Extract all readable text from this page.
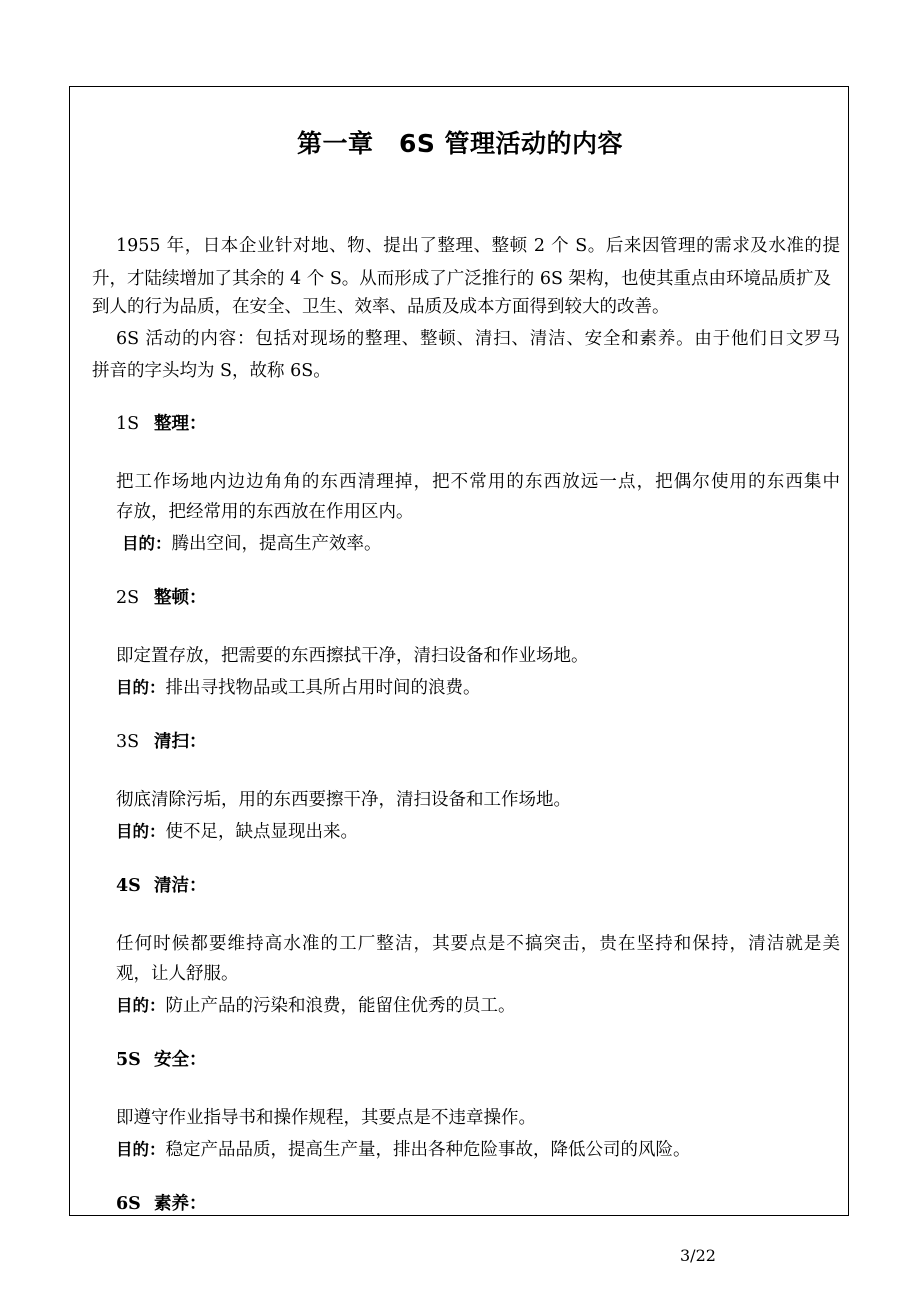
第一章　6S 管理活动的内容
1955 年，日本企业针对地、物、提出了整理、整顿 2 个 S。后来因管理的需求及水准的提
升，才陆续增加了其余的 4 个 S。从而形成了广泛推行的 6S 架构，也使其重点由环境品质扩及
到人的行为品质，在安全、卫生、效率、品质及成本方面得到较大的改善。
6S 活动的内容：包括对现场的整理、整顿、清扫、清洁、安全和素养。由于他们日文罗马
拼音的字头均为 S，故称 6S。
1S 整理：
把工作场地内边边角角的东西清理掉，把不常用的东西放远一点，把偶尔使用的东西集中
存放，把经常用的东西放在作用区内。
目的：腾出空间，提高生产效率。
2S 整顿：
即定置存放，把需要的东西擦拭干净，清扫设备和作业场地。
目的：排出寻找物品或工具所占用时间的浪费。
3S 清扫：
彻底清除污垢，用的东西要擦干净，清扫设备和工作场地。
目的：使不足，缺点显现出来。
4S 清洁：
任何时候都要维持高水准的工厂整洁，其要点是不搞突击，贵在坚持和保持，清洁就是美
观，让人舒服。
目的：防止产品的污染和浪费，能留住优秀的员工。
5S 安全：
即遵守作业指导书和操作规程，其要点是不违章操作。
目的：稳定产品品质，提高生产量，排出各种危险事故，降低公司的风险。
6S 素养：
3/22
